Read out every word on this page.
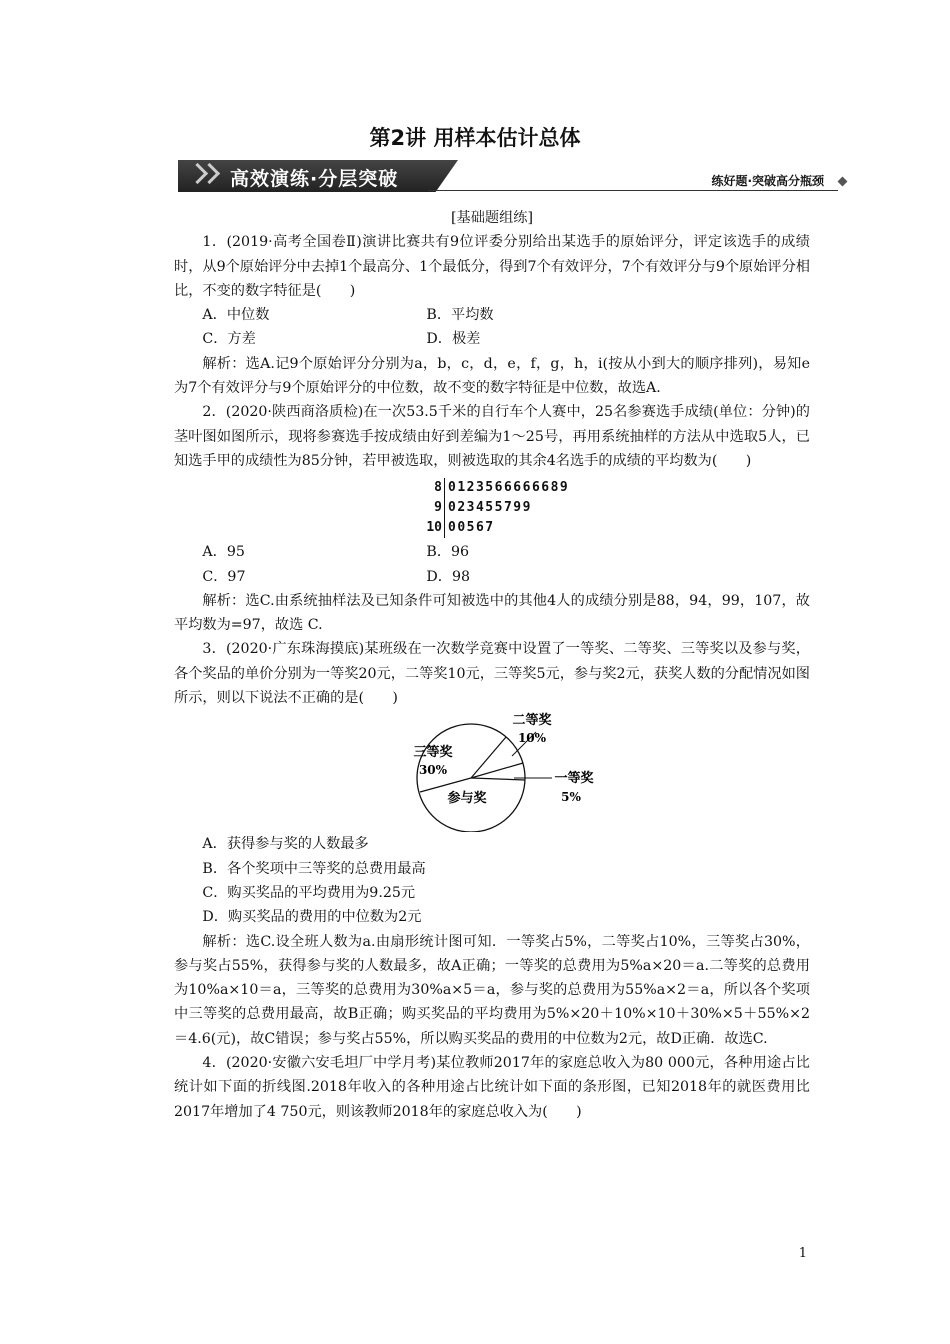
第2讲 用样本估计总体
高效演练·分层突破	练好题·突破高分瓶颈

[基础题组练]

1．(2019·高考全国卷Ⅱ)演讲比赛共有9位评委分别给出某选手的原始评分，评定该选手的成绩时，从9个原始评分中去掉1个最高分、1个最低分，得到7个有效评分，7个有效评分与9个原始评分相比，不变的数字特征是(　　)

A．中位数	B．平均数

C．方差	D．极差

解析：选A.记9个原始评分分别为a，b，c，d，e，f，g，h，i(按从小到大的顺序排列)，易知e为7个有效评分与9个原始评分的中位数，故不变的数字特征是中位数，故选A.

2．(2020·陕西商洛质检)在一次53.5千米的自行车个人赛中，25名参赛选手成绩(单位：分钟)的茎叶图如图所示，现将参赛选手按成绩由好到差编为1～25号，再用系统抽样的方法从中选取5人，已知选手甲的成绩性为85分钟，若甲被选取，则被选取的其余4名选手的成绩的平均数为(　　)

8 0123566666689
9 023455799
10 00567

A．95	B．96

C．97	D．98

解析：选C.由系统抽样法及已知条件可知被选中的其他4人的成绩分别是88，94，99，107，故平均数为=97，故选 C.

3．(2020·广东珠海摸底)某班级在一次数学竞赛中设置了一等奖、二等奖、三等奖以及参与奖，各个奖品的单价分别为一等奖20元，二等奖10元，三等奖5元，参与奖2元，获奖人数的分配情况如图所示，则以下说法不正确的是(　　)

三等奖
30%
二等奖
10%
一等奖
5%
参与奖

A．获得参与奖的人数最多

B．各个奖项中三等奖的总费用最高

C．购买奖品的平均费用为9.25元

D．购买奖品的费用的中位数为2元

解析：选C.设全班人数为a.由扇形统计图可知．一等奖占5%，二等奖占10%，三等奖占30%，参与奖占55%，获得参与奖的人数最多，故A正确；一等奖的总费用为5%a×20＝a.二等奖的总费用为10%a×10＝a，三等奖的总费用为30%a×5＝a，参与奖的总费用为55%a×2＝a，所以各个奖项中三等奖的总费用最高，故B正确；购买奖品的平均费用为5%×20＋10%×10＋30%×5＋55%×2＝4.6(元)，故C错误；参与奖占55%，所以购买奖品的费用的中位数为2元，故D正确．故选C.

4．(2020·安徽六安毛坦厂中学月考)某位教师2017年的家庭总收入为80 000元，各种用途占比统计如下面的折线图.2018年收入的各种用途占比统计如下面的条形图，已知2018年的就医费用比2017年增加了4 750元，则该教师2018年的家庭总收入为(　　)

1
